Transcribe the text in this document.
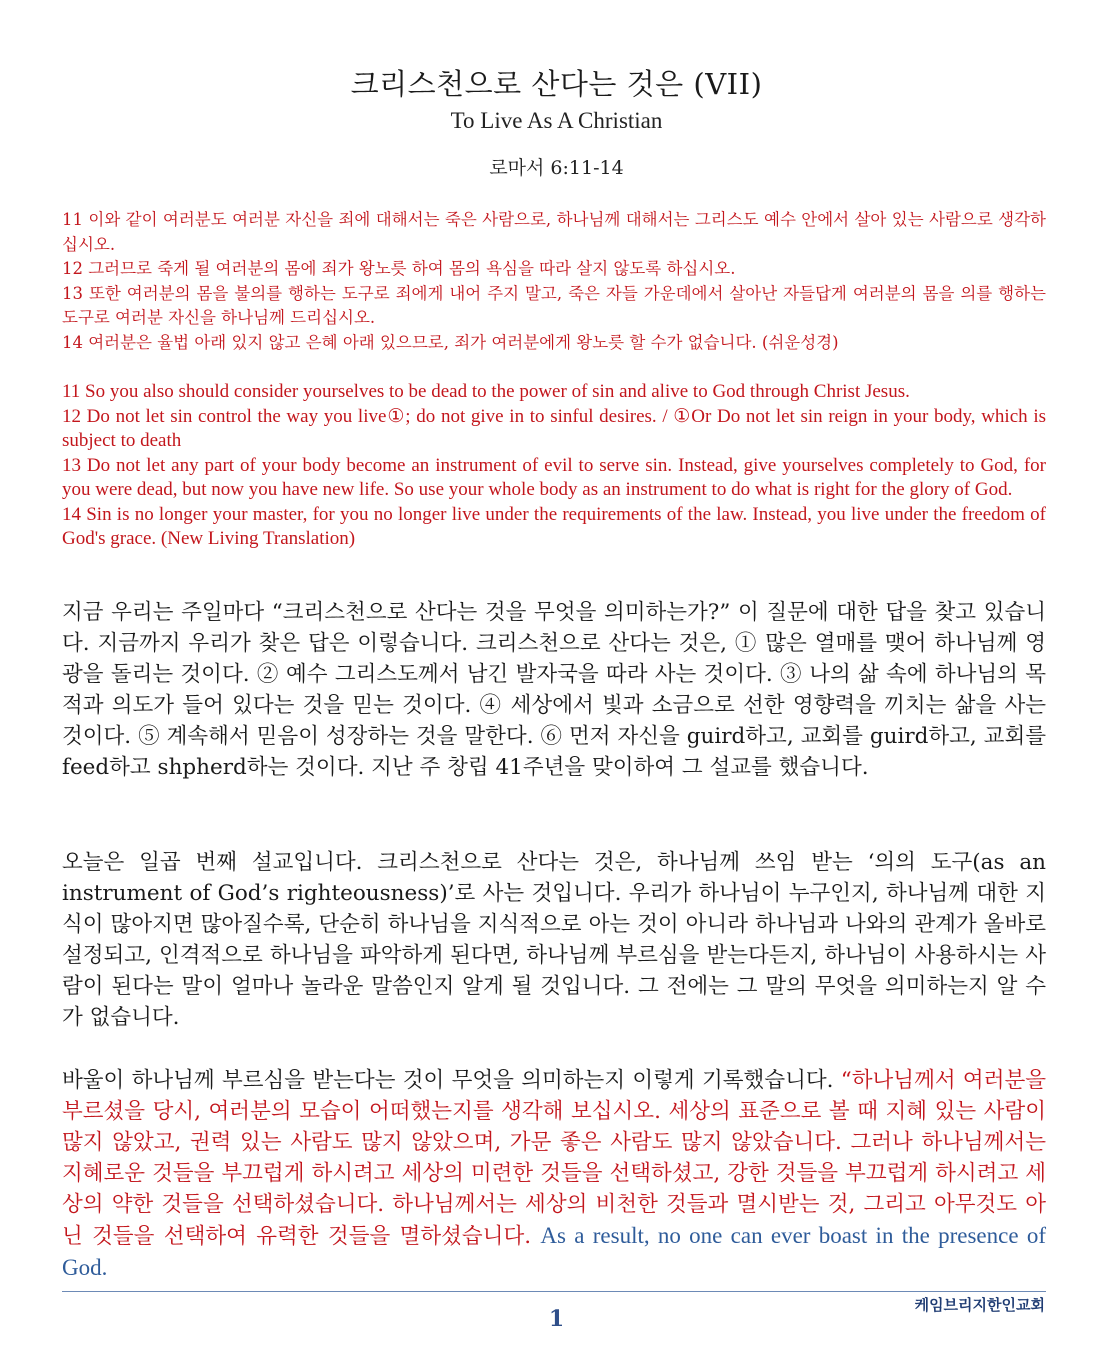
크리스천으로 산다는 것은 (VII)
To Live As A Christian
로마서 6:11-14

11 이와 같이 여러분도 여러분 자신을 죄에 대해서는 죽은 사람으로, 하나님께 대해서는 그리스도 예수 안에서 살아 있는 사람으로 생각하십시오.

12 그러므로 죽게 될 여러분의 몸에 죄가 왕노릇 하여 몸의 욕심을 따라 살지 않도록 하십시오.

13 또한 여러분의 몸을 불의를 행하는 도구로 죄에게 내어 주지 말고, 죽은 자들 가운데에서 살아난 자들답게 여러분의 몸을 의를 행하는 도구로 여러분 자신을 하나님께 드리십시오.

14 여러분은 율법 아래 있지 않고 은혜 아래 있으므로, 죄가 여러분에게 왕노릇 할 수가 없습니다. (쉬운성경)

11 So you also should consider yourselves to be dead to the power of sin and alive to God through Christ Jesus.

12 Do not let sin control the way you live①; do not give in to sinful desires. / ①Or Do not let sin reign in your body, which is subject to death

13 Do not let any part of your body become an instrument of evil to serve sin. Instead, give yourselves completely to God, for you were dead, but now you have new life. So use your whole body as an instrument to do what is right for the glory of God.

14 Sin is no longer your master, for you no longer live under the requirements of the law. Instead, you live under the freedom of God's grace. (New Living Translation)

지금 우리는 주일마다 “크리스천으로 산다는 것을 무엇을 의미하는가?” 이 질문에 대한 답을 찾고 있습니다. 지금까지 우리가 찾은 답은 이렇습니다. 크리스천으로 산다는 것은, ① 많은 열매를 맺어 하나님께 영광을 돌리는 것이다. ② 예수 그리스도께서 남긴 발자국을 따라 사는 것이다. ③ 나의 삶 속에 하나님의 목적과 의도가 들어 있다는 것을 믿는 것이다. ④ 세상에서 빛과 소금으로 선한 영향력을 끼치는 삶을 사는 것이다. ⑤ 계속해서 믿음이 성장하는 것을 말한다. ⑥ 먼저 자신을 guird하고, 교회를 guird하고, 교회를 feed하고 shpherd하는 것이다. 지난 주 창립 41주년을 맞이하여 그 설교를 했습니다.

오늘은 일곱 번째 설교입니다. 크리스천으로 산다는 것은, 하나님께 쓰임 받는 ‘의의 도구(as an instrument of God’s righteousness)’로 사는 것입니다. 우리가 하나님이 누구인지, 하나님께 대한 지식이 많아지면 많아질수록, 단순히 하나님을 지식적으로 아는 것이 아니라 하나님과 나와의 관계가 올바로 설정되고, 인격적으로 하나님을 파악하게 된다면, 하나님께 부르심을 받는다든지, 하나님이 사용하시는 사람이 된다는 말이 얼마나 놀라운 말씀인지 알게 될 것입니다. 그 전에는 그 말의 무엇을 의미하는지 알 수가 없습니다.

바울이 하나님께 부르심을 받는다는 것이 무엇을 의미하는지 이렇게 기록했습니다. “하나님께서 여러분을 부르셨을 당시, 여러분의 모습이 어떠했는지를 생각해 보십시오. 세상의 표준으로 볼 때 지혜 있는 사람이 많지 않았고, 권력 있는 사람도 많지 않았으며, 가문 좋은 사람도 많지 않았습니다. 그러나 하나님께서는 지혜로운 것들을 부끄럽게 하시려고 세상의 미련한 것들을 선택하셨고, 강한 것들을 부끄럽게 하시려고 세상의 약한 것들을 선택하셨습니다. 하나님께서는 세상의 비천한 것들과 멸시받는 것, 그리고 아무것도 아닌 것들을 선택하여 유력한 것들을 멸하셨습니다. As a result, no one can ever boast in the presence of God.

1
케임브리지한인교회
